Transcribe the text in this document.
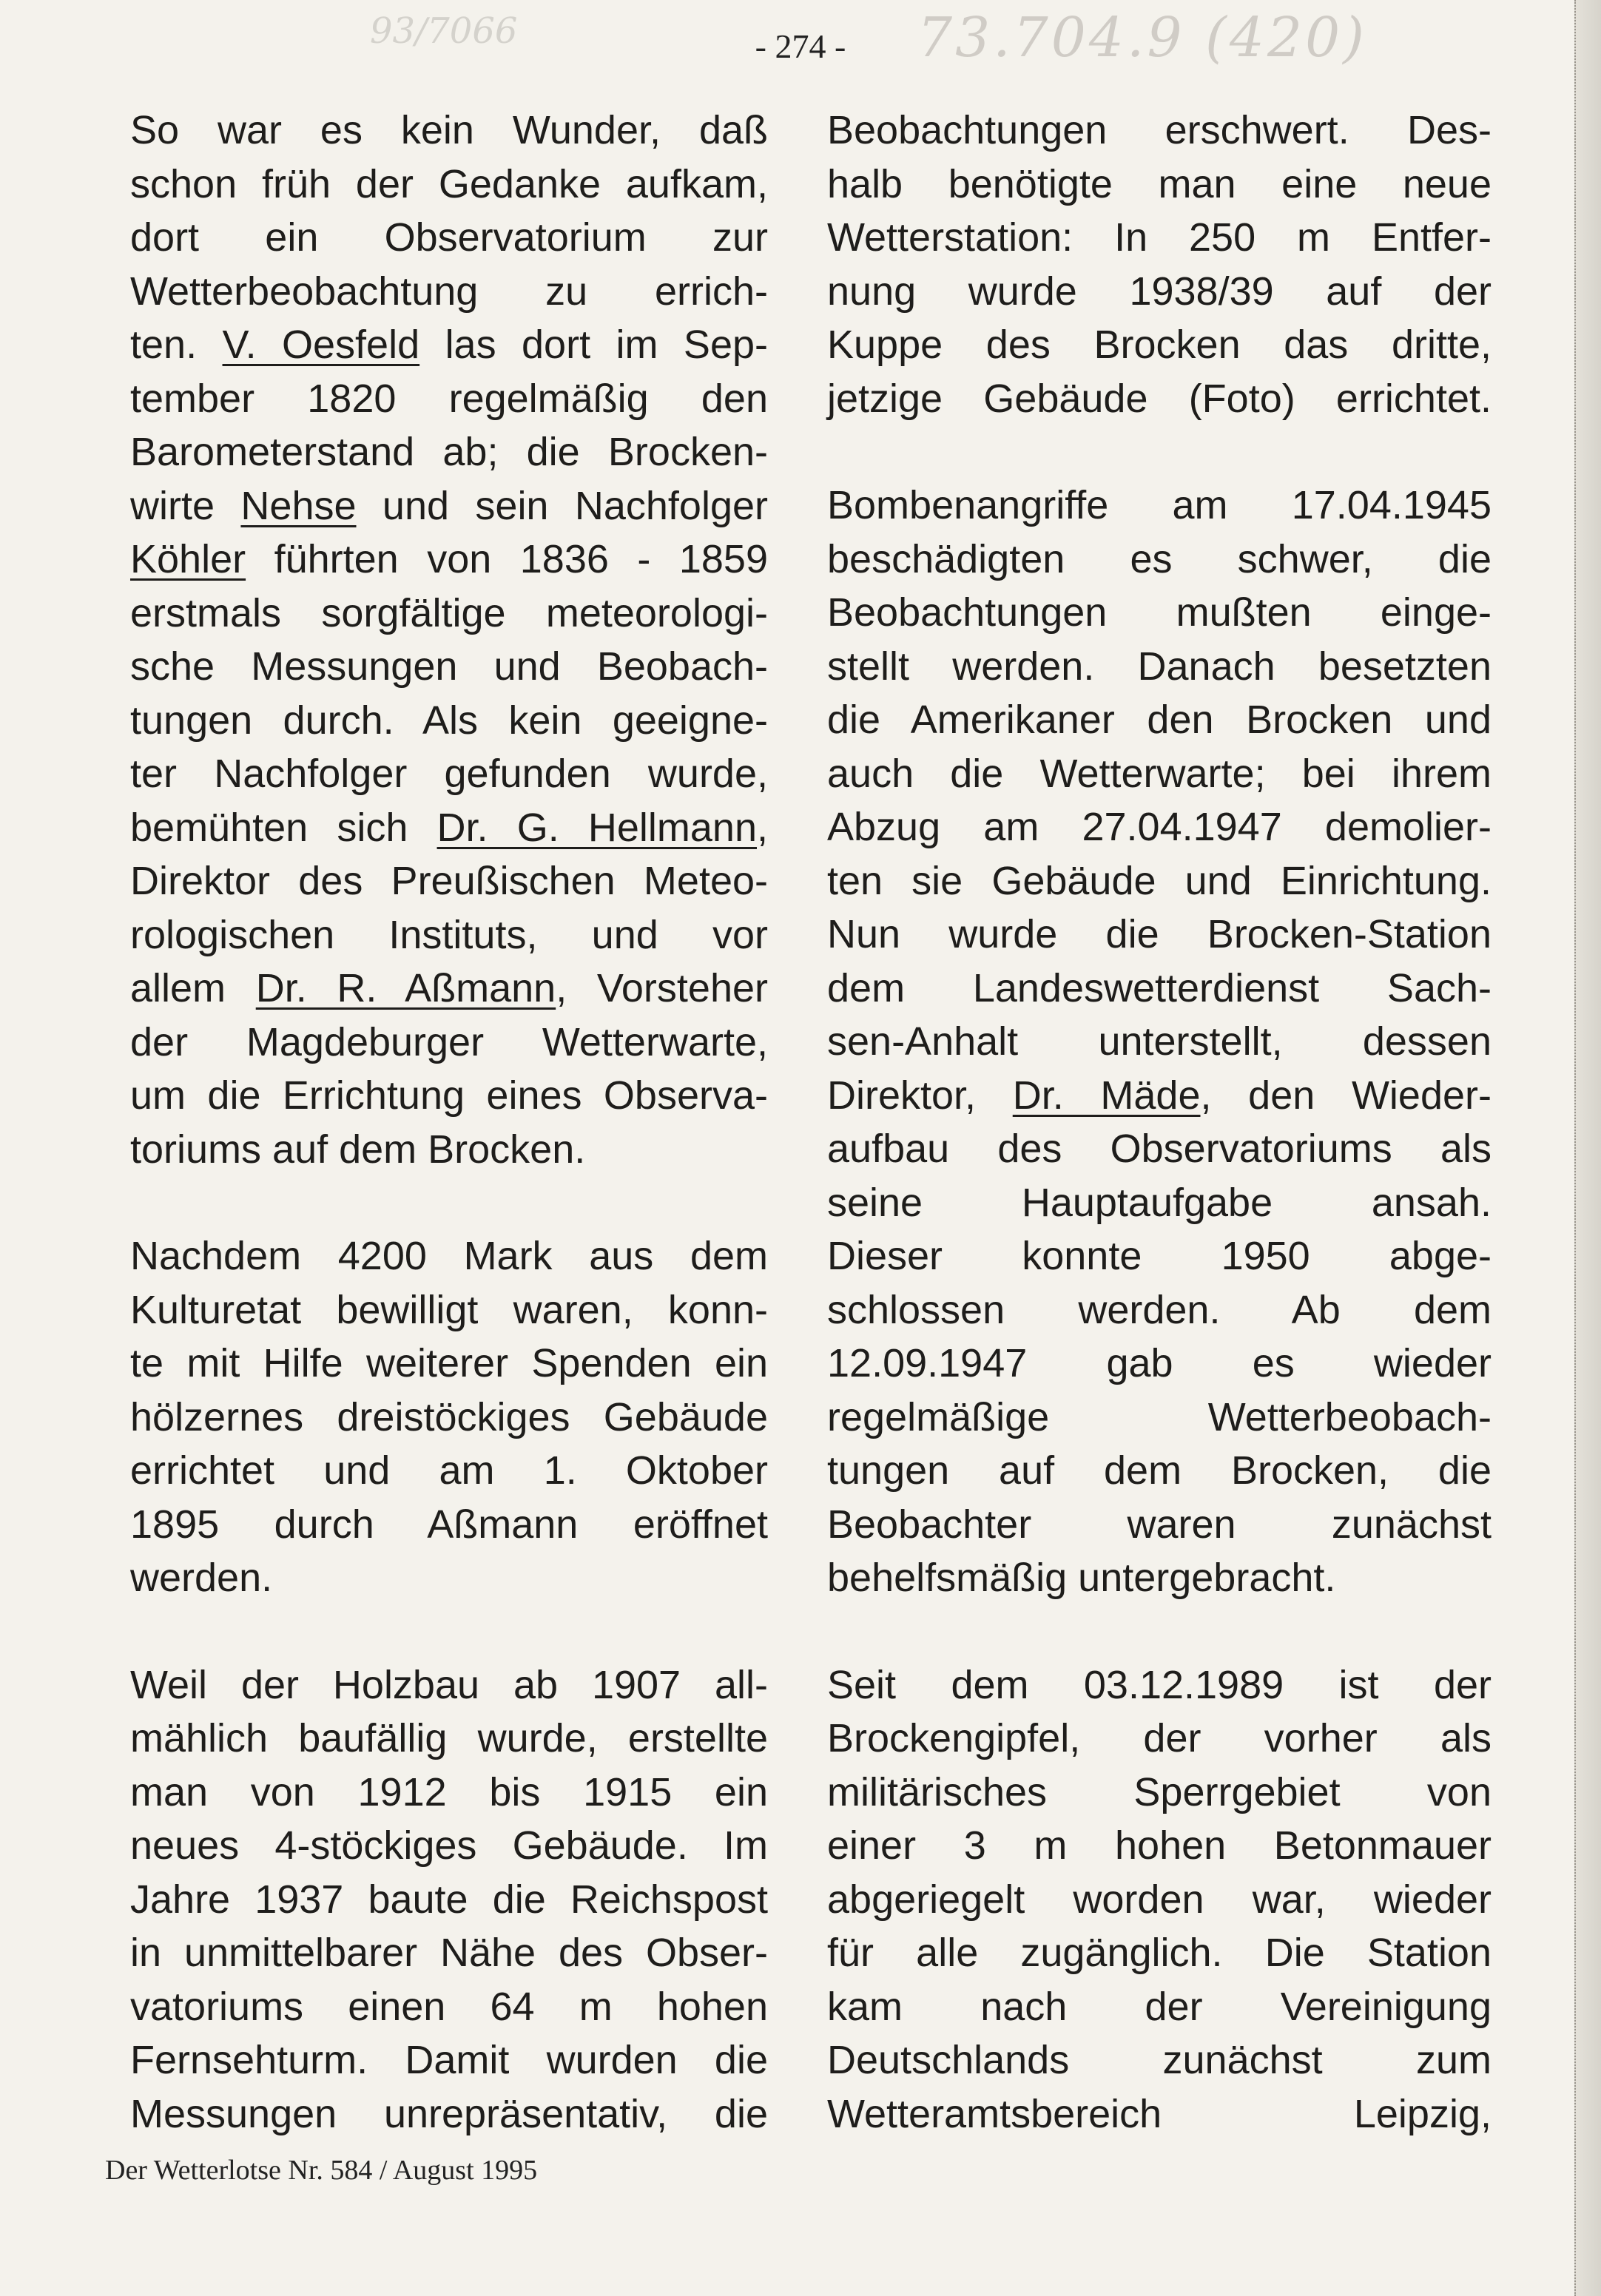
93/7066	73.704.9 (420)
- 274 -
So war es kein Wunder, daß
schon früh der Gedanke aufkam,
dort ein Observatorium zur
Wetterbeobachtung zu errich-
ten. V. Oesfeld las dort im Sep-
tember 1820 regelmäßig den
Barometerstand ab; die Brocken-
wirte Nehse und sein Nachfolger
Köhler führten von 1836 - 1859
erstmals sorgfältige meteorologi-
sche Messungen und Beobach-
tungen durch. Als kein geeigne-
ter Nachfolger gefunden wurde,
bemühten sich Dr. G. Hellmann,
Direktor des Preußischen Meteo-
rologischen Instituts, und vor
allem Dr. R. Aßmann, Vorsteher
der Magdeburger Wetterwarte,
um die Errichtung eines Observa-
toriums auf dem Brocken.
Nachdem 4200 Mark aus dem
Kulturetat bewilligt waren, konn-
te mit Hilfe weiterer Spenden ein
hölzernes dreistöckiges Gebäude
errichtet und am 1. Oktober
1895 durch Aßmann eröffnet
werden.
Weil der Holzbau ab 1907 all-
mählich baufällig wurde, erstellte
man von 1912 bis 1915 ein
neues 4-stöckiges Gebäude. Im
Jahre 1937 baute die Reichspost
in unmittelbarer Nähe des Obser-
vatoriums einen 64 m hohen
Fernsehturm. Damit wurden die
Messungen unrepräsentativ, die
Beobachtungen erschwert. Des-
halb benötigte man eine neue
Wetterstation: In 250 m Entfer-
nung wurde 1938/39 auf der
Kuppe des Brocken das dritte,
jetzige Gebäude (Foto) errichtet.
Bombenangriffe am 17.04.1945
beschädigten es schwer, die
Beobachtungen mußten einge-
stellt werden. Danach besetzten
die Amerikaner den Brocken und
auch die Wetterwarte; bei ihrem
Abzug am 27.04.1947 demolier-
ten sie Gebäude und Einrichtung.
Nun wurde die Brocken-Station
dem Landeswetterdienst Sach-
sen-Anhalt unterstellt, dessen
Direktor, Dr. Mäde, den Wieder-
aufbau des Observatoriums als
seine Hauptaufgabe ansah.
Dieser konnte 1950 abge-
schlossen werden. Ab dem
12.09.1947 gab es wieder
regelmäßige Wetterbeobach-
tungen auf dem Brocken, die
Beobachter waren zunächst
behelfsmäßig untergebracht.
Seit dem 03.12.1989 ist der
Brockengipfel, der vorher als
militärisches Sperrgebiet von
einer 3 m hohen Betonmauer
abgeriegelt worden war, wieder
für alle zugänglich. Die Station
kam nach der Vereinigung
Deutschlands zunächst zum
Wetteramtsbereich Leipzig,
Der Wetterlotse Nr. 584 / August 1995
